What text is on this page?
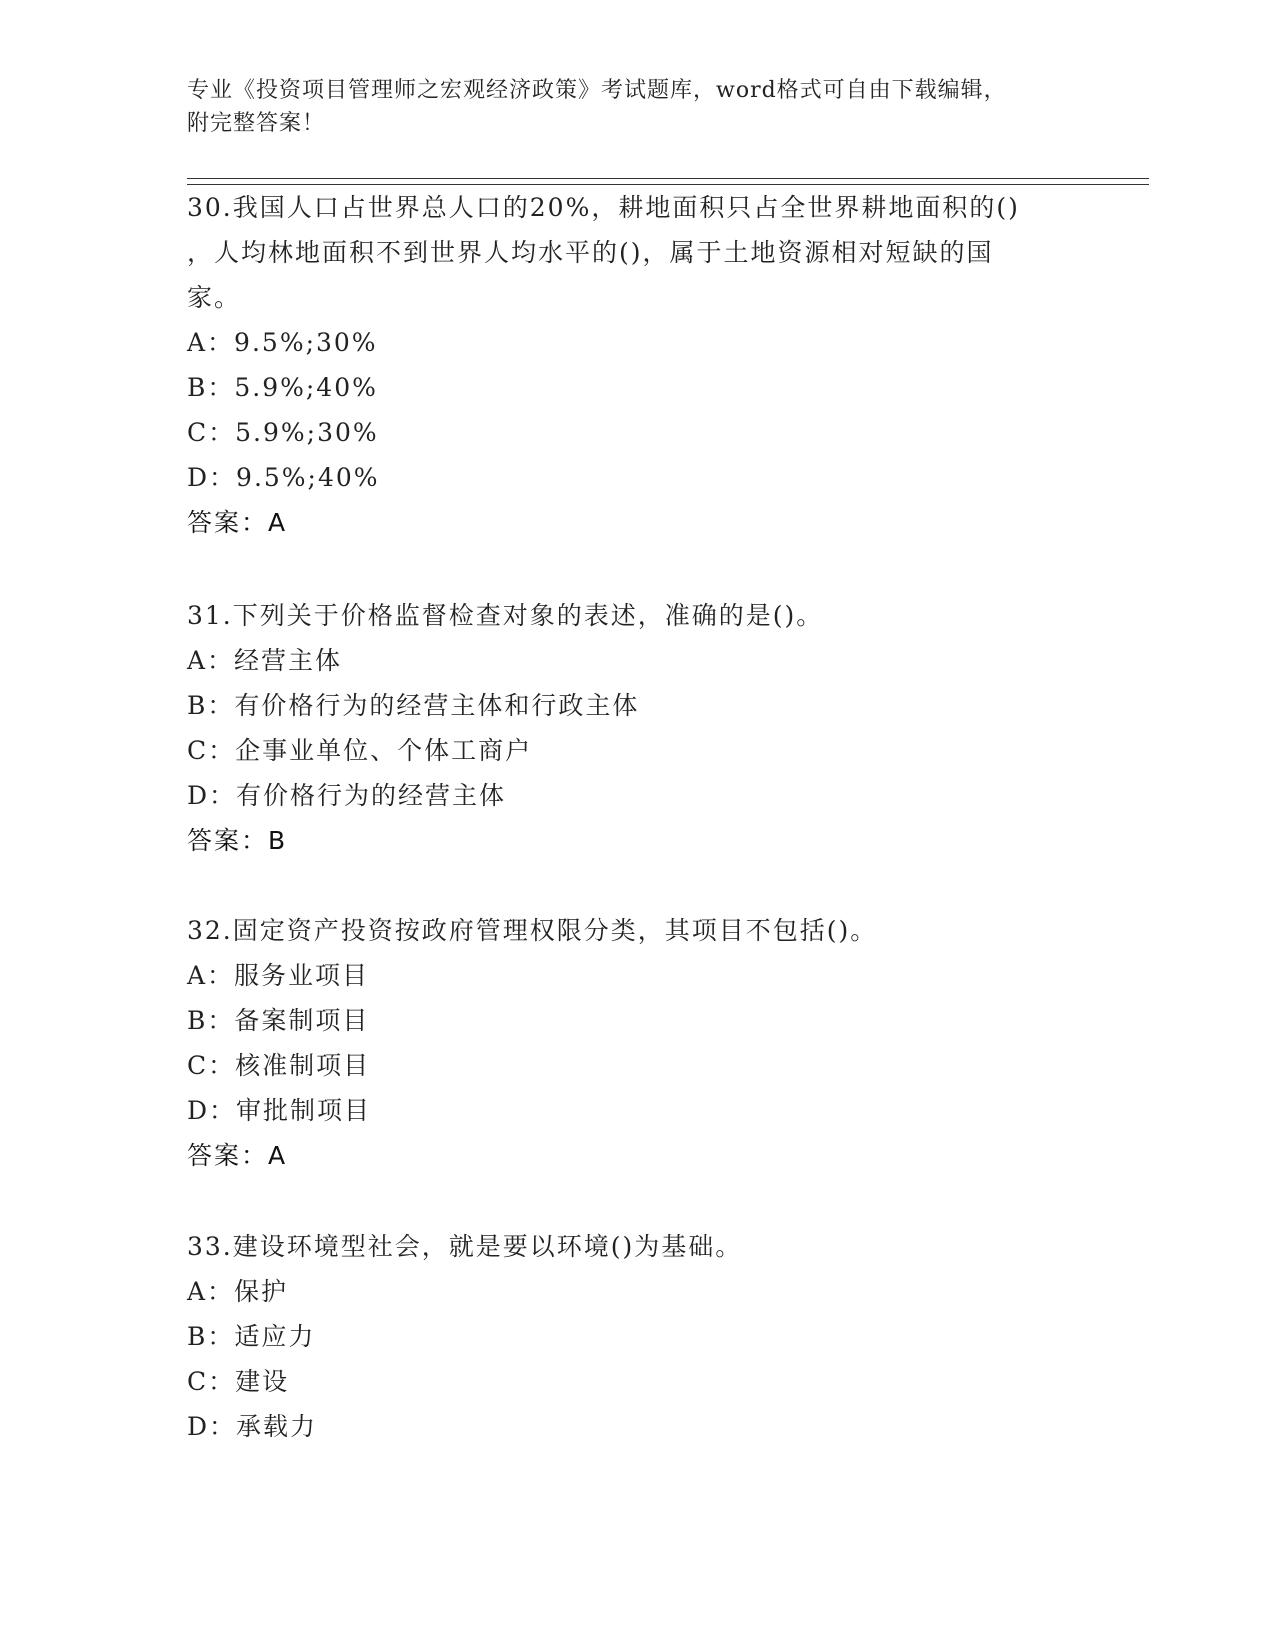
专业《投资项目管理师之宏观经济政策》考试题库，word格式可自由下载编辑，
附完整答案！
30.我国人口占世界总人口的20%，耕地面积只占全世界耕地面积的()
，人均林地面积不到世界人均水平的()，属于土地资源相对短缺的国
家。
A：9.5%;30%
B：5.9%;40%
C：5.9%;30%
D：9.5%;40%
答案：A
31.下列关于价格监督检查对象的表述，准确的是()。
A：经营主体
B：有价格行为的经营主体和行政主体
C：企事业单位、个体工商户
D：有价格行为的经营主体
答案：B
32.固定资产投资按政府管理权限分类，其项目不包括()。
A：服务业项目
B：备案制项目
C：核准制项目
D：审批制项目
答案：A
33.建设环境型社会，就是要以环境()为基础。
A：保护
B：适应力
C：建设
D：承载力
